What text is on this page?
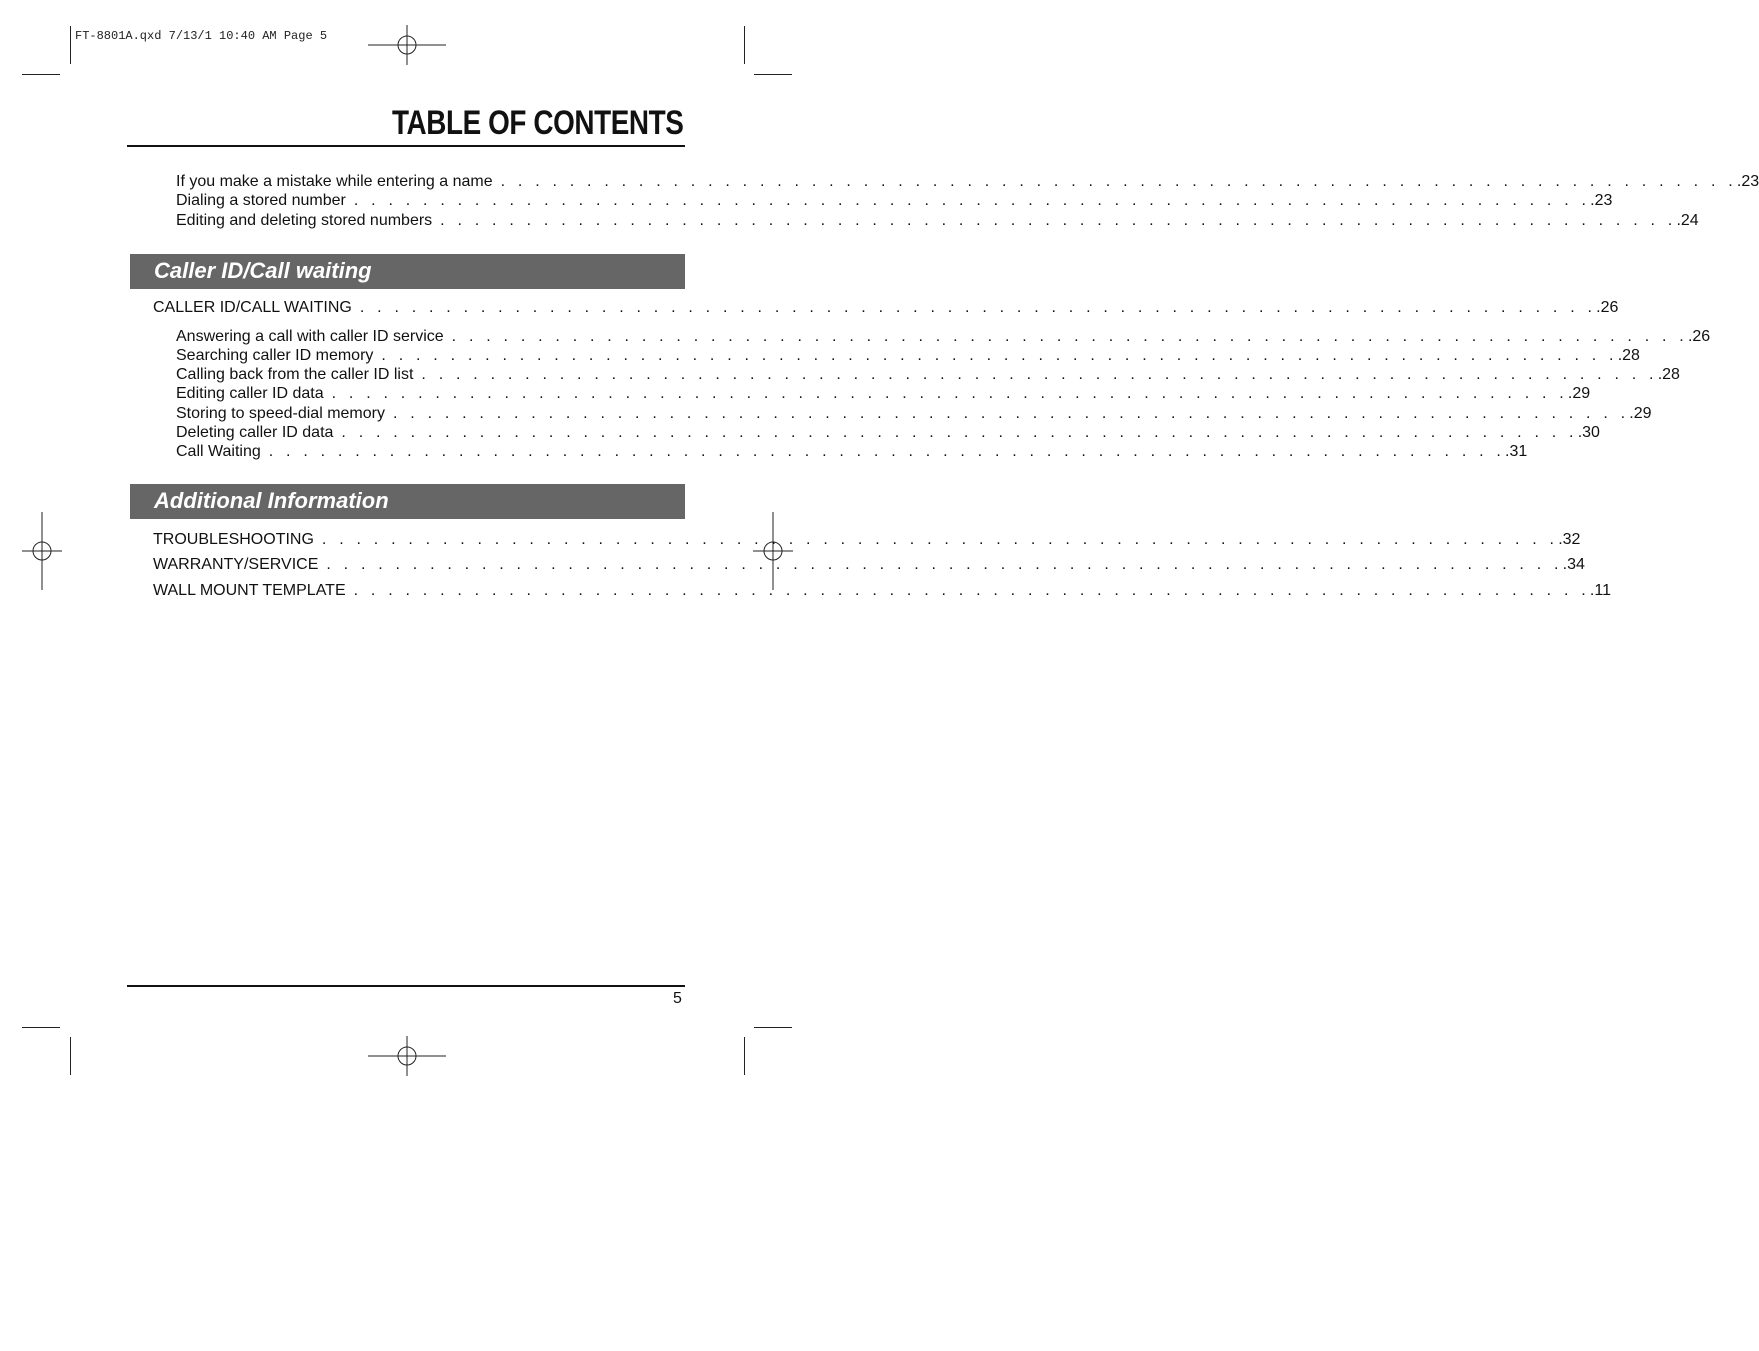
FT-8801A.qxd 7/13/1 10:40 AM Page 5
TABLE OF CONTENTS
If you make a mistake while entering a name . . . . . . . . . . . . . . . . . . . . . . . . . . . . . . . . . . . . . . . . . . . . . . . . . . . . . . . . . . . . . . . . . . . . . . . . .23
Dialing a stored number . . . . . . . . . . . . . . . . . . . . . . . . . . . . . . . . . . . . . . . . . . . . . . . . . . . . . . . . . . . . . . . . . . . . . . . . .23
Editing and deleting stored numbers . . . . . . . . . . . . . . . . . . . . . . . . . . . . . . . . . . . . . . . . . . . . . . . . . . . . . . . . . . . . . . . . . . . . . . . . .24
Caller ID/Call waiting
CALLER ID/CALL WAITING . . . . . . . . . . . . . . . . . . . . . . . . . . . . . . . . . . . . . . . . . . . . . . . . . . . . . . . . . . . . . . . . . . . . . . . . .26
Answering a call with caller ID service . . . . . . . . . . . . . . . . . . . . . . . . . . . . . . . . . . . . . . . . . . . . . . . . . . . . . . . . . . . . . . . . . . . . . . . . .26
Searching caller ID memory . . . . . . . . . . . . . . . . . . . . . . . . . . . . . . . . . . . . . . . . . . . . . . . . . . . . . . . . . . . . . . . . . . . . . . . . .28
Calling back from the caller ID list . . . . . . . . . . . . . . . . . . . . . . . . . . . . . . . . . . . . . . . . . . . . . . . . . . . . . . . . . . . . . . . . . . . . . . . . .28
Editing caller ID data . . . . . . . . . . . . . . . . . . . . . . . . . . . . . . . . . . . . . . . . . . . . . . . . . . . . . . . . . . . . . . . . . . . . . . . . .29
Storing to speed-dial memory . . . . . . . . . . . . . . . . . . . . . . . . . . . . . . . . . . . . . . . . . . . . . . . . . . . . . . . . . . . . . . . . . . . . . . . . .29
Deleting caller ID data . . . . . . . . . . . . . . . . . . . . . . . . . . . . . . . . . . . . . . . . . . . . . . . . . . . . . . . . . . . . . . . . . . . . . . . . .30
Call Waiting . . . . . . . . . . . . . . . . . . . . . . . . . . . . . . . . . . . . . . . . . . . . . . . . . . . . . . . . . . . . . . . . . . . . . . . . .31
Additional Information
TROUBLESHOOTING . . . . . . . . . . . . . . . . . . . . . . . . . . . . . . . . . . . . . . . . . . . . . . . . . . . . . . . . . . . . . . . . . . . . . . . . .32
WARRANTY/SERVICE . . . . . . . . . . . . . . . . . . . . . . . . . . . . . . . . . . . . . . . . . . . . . . . . . . . . . . . . . . . . . . . . . . . . . . . . .34
WALL MOUNT TEMPLATE . . . . . . . . . . . . . . . . . . . . . . . . . . . . . . . . . . . . . . . . . . . . . . . . . . . . . . . . . . . . . . . . . . . . . . . . .11
5
